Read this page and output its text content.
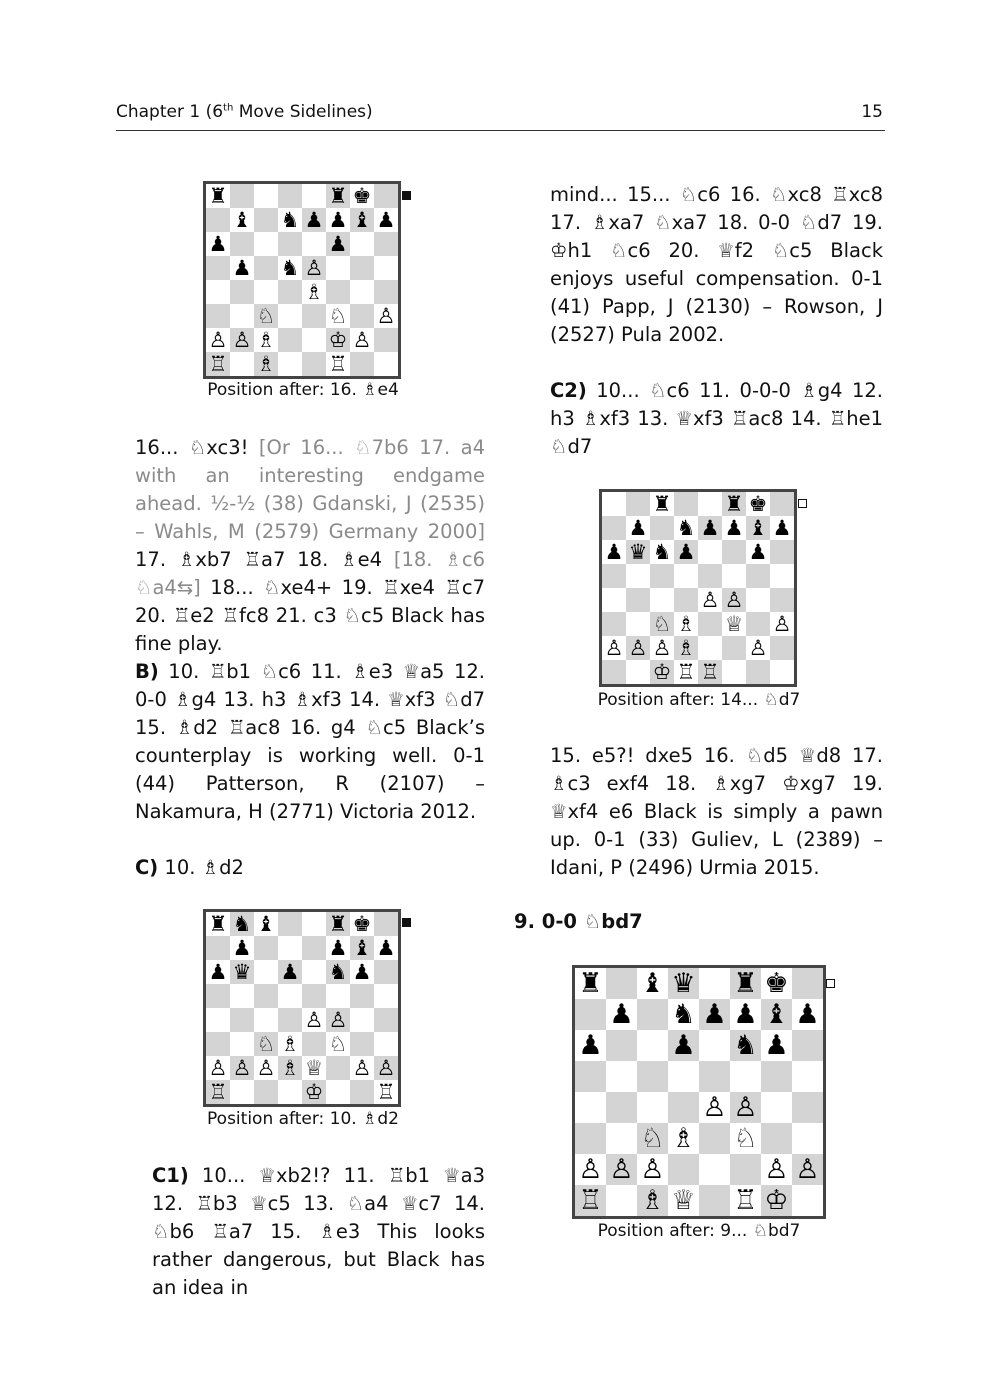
Chapter 1 (6th Move Sidelines)	15
♜	♜ ♚
♝ ♞ ♟ ♟ ♝ ♟
♟	♟
♟ ♞ ♙
♗
♘	♘ ♙
♙ ♙ ♗	♔ ♙
♖ ♗	♖
Position after: 16. ♗e4
16... ♘xc3! [Or 16... ♘7b6 17. a4 with an interesting endgame ahead. ½-½ (38) Gdanski, J (2535) – Wahls, M (2579) Germany 2000] 17. ♗xb7 ♖a7 18. ♗e4 [18. ♗c6 ♘a4⇆] 18... ♘xe4+ 19. ♖xe4 ♖c7 20. ♖e2 ♖fc8 21. c3 ♘c5 Black has fine play.
B) 10. ♖b1 ♘c6 11. ♗e3 ♕a5 12. 0-0 ♗g4 13. h3 ♗xf3 14. ♕xf3 ♘d7 15. ♗d2 ♖ac8 16. g4 ♘c5 Black’s counterplay is working well. 0-1 (44) Patterson, R (2107) – Nakamura, H (2771) Victoria 2012.
C) 10. ♗d2
♜ ♞ ♝	♜ ♚
♟	♟ ♝ ♟
♟ ♛ ♟ ♞ ♟
♙ ♙
♘ ♗ ♘
♙ ♙ ♙ ♗ ♕ ♙ ♙
♖	♔	♖
Position after: 10. ♗d2
C1) 10... ♕xb2!? 11. ♖b1 ♕a3 12. ♖b3 ♕c5 13. ♘a4 ♕c7 14. ♘b6 ♖a7 15. ♗e3 This looks rather dangerous, but Black has an idea in
mind... 15... ♘c6 16. ♘xc8 ♖xc8 17. ♗xa7 ♘xa7 18. 0-0 ♘d7 19. ♔h1 ♘c6 20. ♕f2 ♘c5 Black enjoys useful compensation. 0-1 (41) Papp, J (2130) – Rowson, J (2527) Pula 2002.
C2) 10... ♘c6 11. 0-0-0 ♗g4 12. h3 ♗xf3 13. ♕xf3 ♖ac8 14. ♖he1 ♘d7
♜	♜ ♚
♟ ♞ ♟ ♟ ♝ ♟
♟ ♛ ♞ ♟	♟
♙ ♙
♘ ♗ ♕ ♙
♙ ♙ ♙ ♗	♙
♔ ♖ ♖
Position after: 14... ♘d7
15. e5?! dxe5 16. ♘d5 ♕d8 17. ♗c3 exf4 18. ♗xg7 ♔xg7 19. ♕xf4 e6 Black is simply a pawn up. 0-1 (33) Guliev, L (2389) – Idani, P (2496) Urmia 2015.
9. 0-0 ♘bd7
♜ ♝ ♛ ♜ ♚
♟ ♞ ♟ ♟ ♝ ♟
♟	♟ ♞ ♟
♙ ♙
♘ ♗ ♘
♙ ♙ ♙	♙ ♙
♖ ♗ ♕ ♖ ♔
Position after: 9... ♘bd7
